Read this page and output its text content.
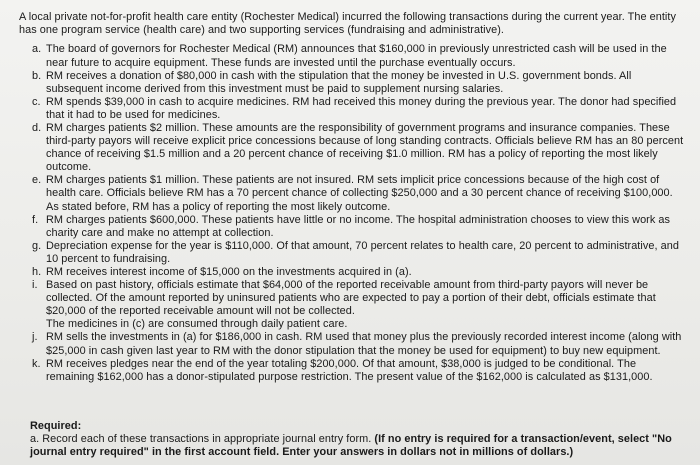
A local private not-for-profit health care entity (Rochester Medical) incurred the following transactions during the current year. The entity has one program service (health care) and two supporting services (fundraising and administrative).

a. The board of governors for Rochester Medical (RM) announces that $160,000 in previously unrestricted cash will be used in the near future to acquire equipment. These funds are invested until the purchase eventually occurs.

b. RM receives a donation of $80,000 in cash with the stipulation that the money be invested in U.S. government bonds. All subsequent income derived from this investment must be paid to supplement nursing salaries.

c. RM spends $39,000 in cash to acquire medicines. RM had received this money during the previous year. The donor had specified that it had to be used for medicines.

d. RM charges patients $2 million. These amounts are the responsibility of government programs and insurance companies. These third-party payors will receive explicit price concessions because of long standing contracts. Officials believe RM has an 80 percent chance of receiving $1.5 million and a 20 percent chance of receiving $1.0 million. RM has a policy of reporting the most likely outcome.

e. RM charges patients $1 million. These patients are not insured. RM sets implicit price concessions because of the high cost of health care. Officials believe RM has a 70 percent chance of collecting $250,000 and a 30 percent chance of receiving $100,000. As stated before, RM has a policy of reporting the most likely outcome.

f. RM charges patients $600,000. These patients have little or no income. The hospital administration chooses to view this work as charity care and make no attempt at collection.

g. Depreciation expense for the year is $110,000. Of that amount, 70 percent relates to health care, 20 percent to administrative, and 10 percent to fundraising.

h. RM receives interest income of $15,000 on the investments acquired in (a).

i. Based on past history, officials estimate that $64,000 of the reported receivable amount from third-party payors will never be collected. Of the amount reported by uninsured patients who are expected to pay a portion of their debt, officials estimate that $20,000 of the reported receivable amount will not be collected.

The medicines in (c) are consumed through daily patient care.

j. RM sells the investments in (a) for $186,000 in cash. RM used that money plus the previously recorded interest income (along with $25,000 in cash given last year to RM with the donor stipulation that the money be used for equipment) to buy new equipment.

k. RM receives pledges near the end of the year totaling $200,000. Of that amount, $38,000 is judged to be conditional. The remaining $162,000 has a donor-stipulated purpose restriction. The present value of the $162,000 is calculated as $131,000.

Required:

a. Record each of these transactions in appropriate journal entry form. (If no entry is required for a transaction/event, select "No journal entry required" in the first account field. Enter your answers in dollars not in millions of dollars.)
